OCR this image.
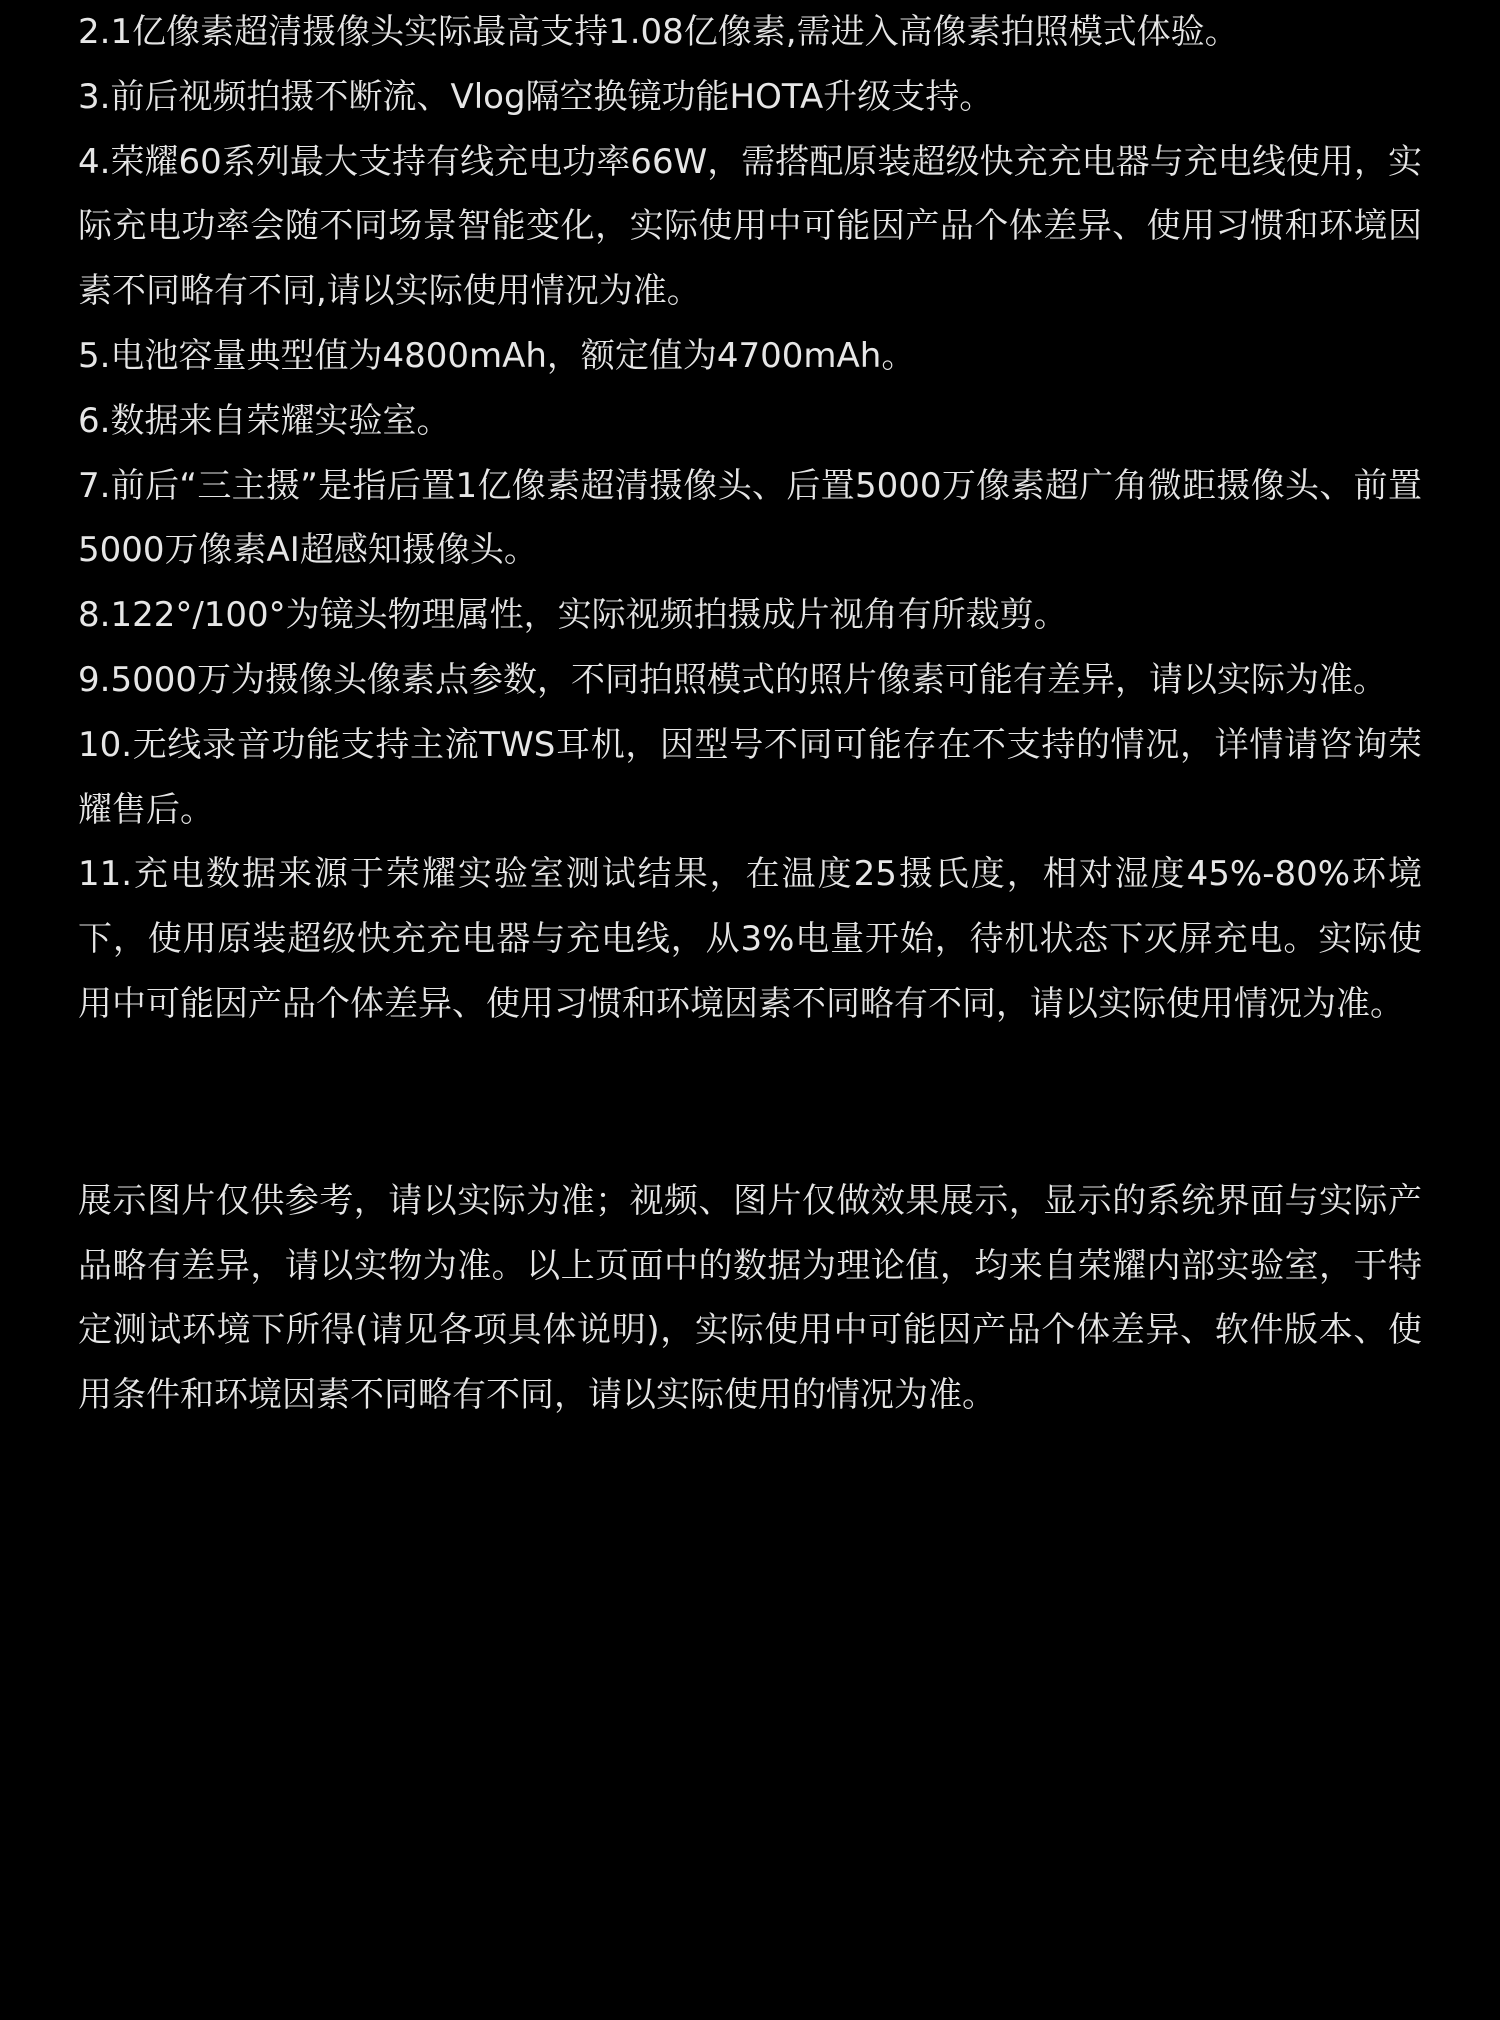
2.1亿像素超清摄像头实际最高支持1.08亿像素,需进入高像素拍照模式体验。
3.前后视频拍摄不断流、Vlog隔空换镜功能HOTA升级支持。
4.荣耀60系列最大支持有线充电功率66W，需搭配原装超级快充充电器与充电线使用，实际充电功率会随不同场景智能变化，实际使用中可能因产品个体差异、使用习惯和环境因素不同略有不同,请以实际使用情况为准。
5.电池容量典型值为4800mAh，额定值为4700mAh。
6.数据来自荣耀实验室。
7.前后“三主摄”是指后置1亿像素超清摄像头、后置5000万像素超广角微距摄像头、前置5000万像素AI超感知摄像头。
8.122°/100°为镜头物理属性，实际视频拍摄成片视角有所裁剪。
9.5000万为摄像头像素点参数，不同拍照模式的照片像素可能有差异，请以实际为准。
10.无线录音功能支持主流TWS耳机，因型号不同可能存在不支持的情况，详情请咨询荣耀售后。
11.充电数据来源于荣耀实验室测试结果，在温度25摄氏度，相对湿度45%-80%环境下，使用原装超级快充充电器与充电线，从3%电量开始，待机状态下灭屏充电。实际使用中可能因产品个体差异、使用习惯和环境因素不同略有不同，请以实际使用情况为准。

展示图片仅供参考，请以实际为准；视频、图片仅做效果展示，显示的系统界面与实际产品略有差异，请以实物为准。以上页面中的数据为理论值，均来自荣耀内部实验室，于特定测试环境下所得(请见各项具体说明)，实际使用中可能因产品个体差异、软件版本、使用条件和环境因素不同略有不同，请以实际使用的情况为准。
